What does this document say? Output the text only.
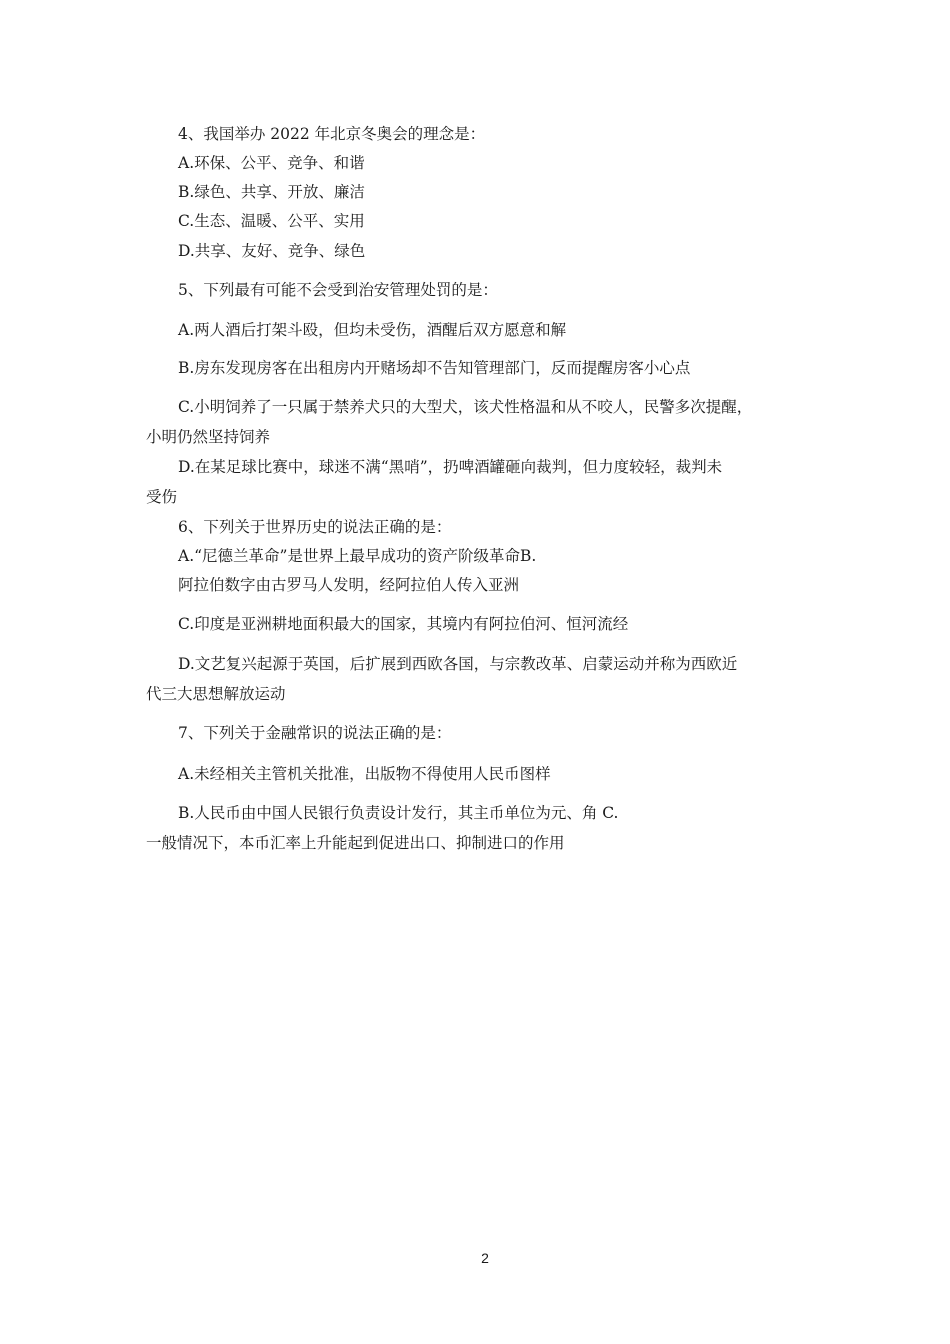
4、我国举办 2022 年北京冬奥会的理念是：
A.环保、公平、竞争、和谐
B.绿色、共享、开放、廉洁
C.生态、温暖、公平、实用
D.共享、友好、竞争、绿色
5、下列最有可能不会受到治安管理处罚的是：
A.两人酒后打架斗殴，但均未受伤，酒醒后双方愿意和解
B.房东发现房客在出租房内开赌场却不告知管理部门，反而提醒房客小心点
C.小明饲养了一只属于禁养犬只的大型犬，该犬性格温和从不咬人，民警多次提醒，
小明仍然坚持饲养
D.在某足球比赛中，球迷不满“黑哨”，扔啤酒罐砸向裁判，但力度较轻，裁判未
受伤
6、下列关于世界历史的说法正确的是：
A.“尼德兰革命”是世界上最早成功的资产阶级革命B.
阿拉伯数字由古罗马人发明，经阿拉伯人传入亚洲
C.印度是亚洲耕地面积最大的国家，其境内有阿拉伯河、恒河流经
D.文艺复兴起源于英国，后扩展到西欧各国，与宗教改革、启蒙运动并称为西欧近
代三大思想解放运动
7、下列关于金融常识的说法正确的是：
A.未经相关主管机关批准，出版物不得使用人民币图样
B.人民币由中国人民银行负责设计发行，其主币单位为元、角 C.
一般情况下，本币汇率上升能起到促进出口、抑制进口的作用
2
